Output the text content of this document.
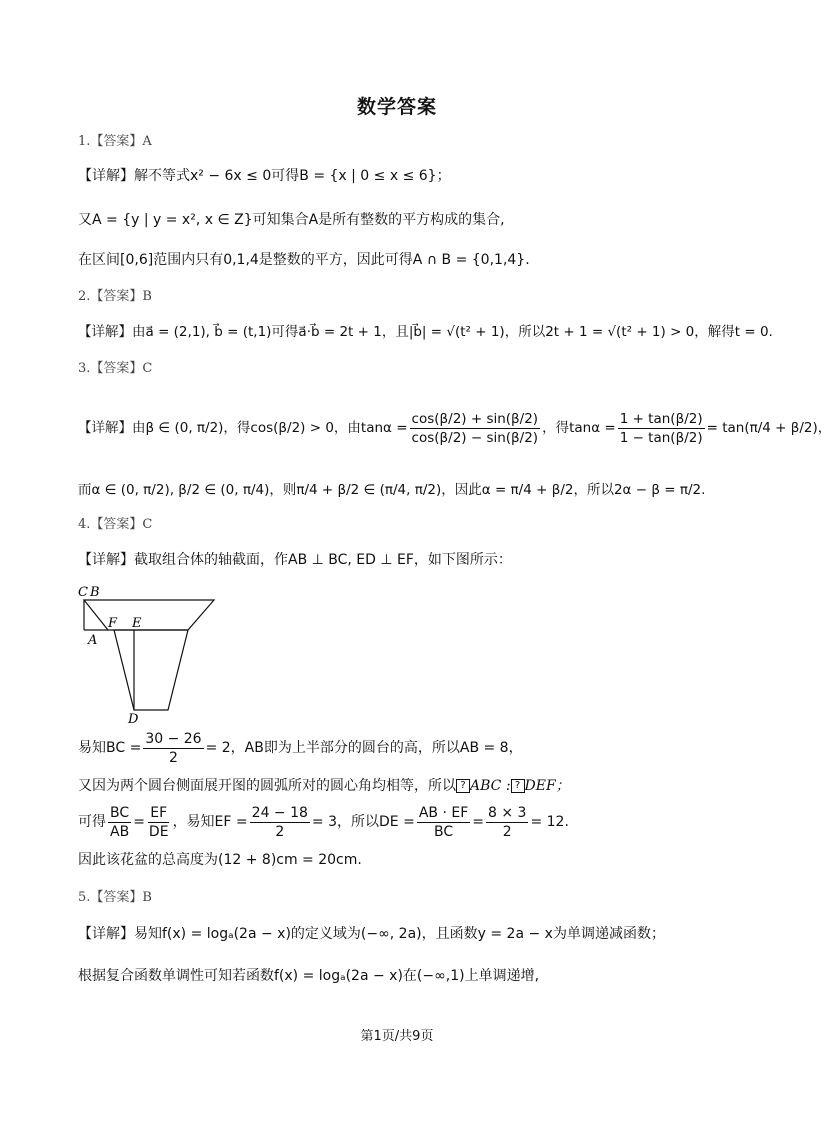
数学答案
1.【答案】A
【详解】解不等式x² − 6x ≤ 0可得B = {x | 0 ≤ x ≤ 6}；
又A = {y | y = x², x ∈ Z}可知集合A是所有整数的平方构成的集合,
在区间[0,6]范围内只有0,1,4是整数的平方，因此可得A ∩ B = {0,1,4}.
2.【答案】B
【详解】由a⃗ = (2,1), b⃗ = (t,1)可得a⃗·b⃗ = 2t + 1，且|b⃗| = √(t² + 1)，所以2t + 1 = √(t² + 1) > 0，解得t = 0.
3.【答案】C
【详解】由β ∈ (0, π/2)，得cos(β/2) > 0，由$\tan\alpha = \frac{\cos(\beta/2) + \sin(\beta/2)}{\cos(\beta/2) - \sin(\beta/2)}$ ，得$\tan\alpha = \frac{1 + \tan(\beta/2)}{1 - \tan(\beta/2)} = \tan(\pi/4 + \beta/2)$，
而α ∈ (0, π/2), β/2 ∈ (0, π/4)，则π/4 + β/2 ∈ (π/4, π/2)，因此α = π/4 + β/2，所以2α − β = π/2.
4.【答案】C
【详解】截取组合体的轴截面，作AB ⊥ BC, ED ⊥ EF，如下图所示：
C B
A
F E
D
易知BC = $\frac{30 - 26}{2} = 2$，AB即为上半部分的圆台的高，所以AB = 8，
又因为两个圆台侧面展开图的圆弧所对的圆心角均相等，所以 ? ABC : ? DEF；
可得 $\frac{BC}{AB} = \frac{EF}{DE}$ ，易知EF = $\frac{24 - 18}{2} = 3$，所以DE = $\frac{AB \cdot EF}{BC} = \frac{8 \times 3}{2} = 12$.
因此该花盆的总高度为(12 + 8)cm = 20cm.
5.【答案】B
【详解】易知f(x) = logₐ(2a − x)的定义域为(−∞, 2a)，且函数y = 2a − x为单调递减函数；
根据复合函数单调性可知若函数f(x) = logₐ(2a − x)在(−∞,1)上单调递增,
第1页/共9页
